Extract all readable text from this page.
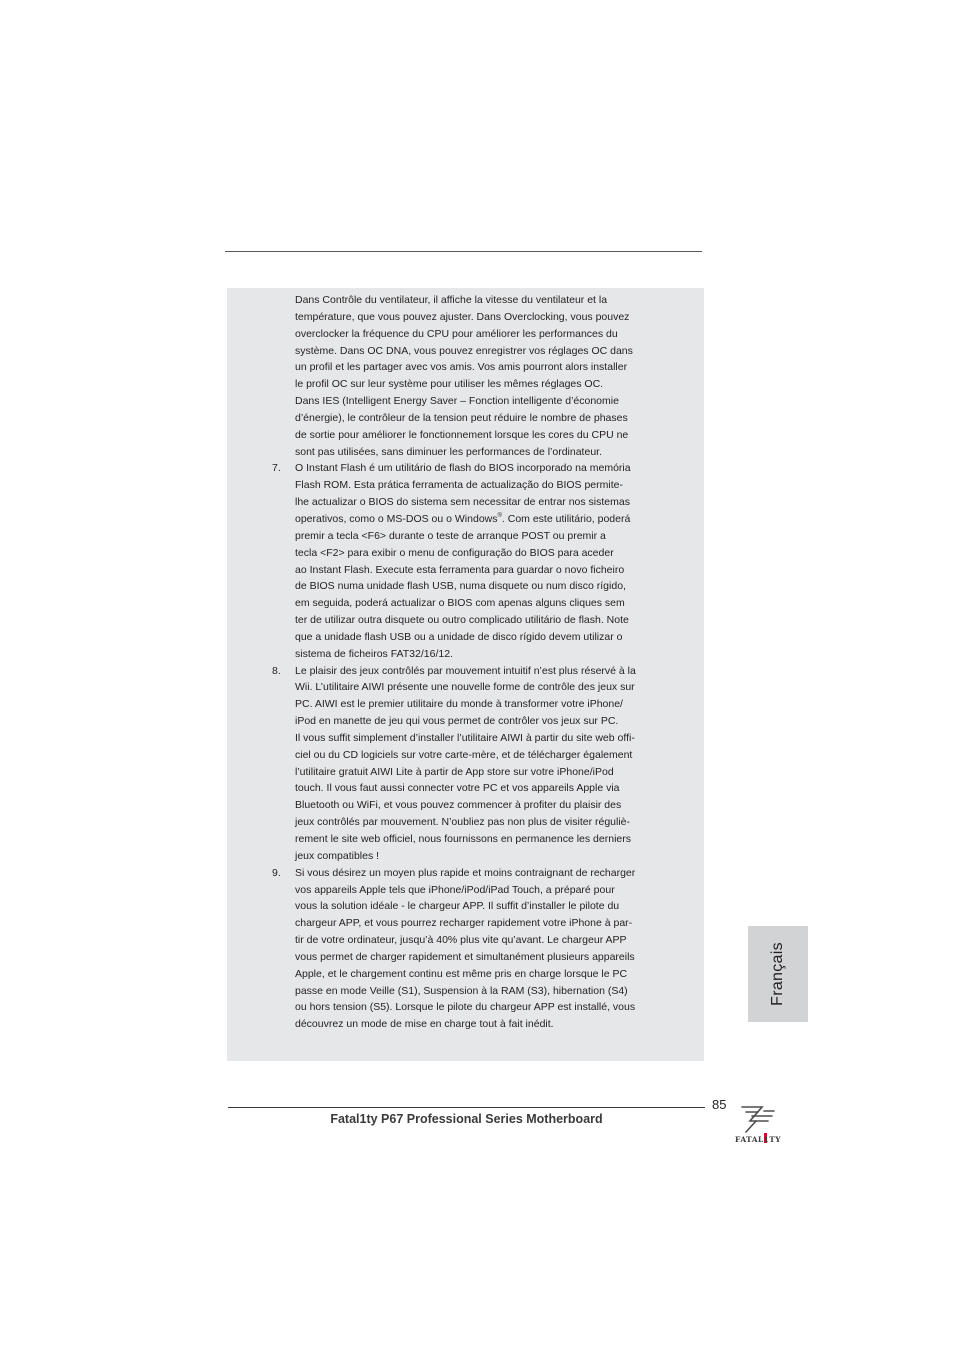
Dans Contrôle du ventilateur, il affiche la vitesse du ventilateur et la
température, que vous pouvez ajuster. Dans Overclocking, vous pouvez
overclocker la fréquence du CPU pour améliorer les performances du
système. Dans OC DNA, vous pouvez enregistrer vos réglages OC dans
un profil et les partager avec vos amis. Vos amis pourront alors installer
le profil OC sur leur système pour utiliser les mêmes réglages OC.
Dans IES (Intelligent Energy Saver – Fonction intelligente d’économie
d’énergie), le contrôleur de la tension peut réduire le nombre de phases
de sortie pour améliorer le fonctionnement lorsque les cores du CPU ne
sont pas utilisées, sans diminuer les performances de l’ordinateur.
7. O Instant Flash é um utilitário de flash do BIOS incorporado na memória
Flash ROM. Esta prática ferramenta de actualização do BIOS permite-
lhe actualizar o BIOS do sistema sem necessitar de entrar nos sistemas
operativos, como o MS-DOS ou o Windows®. Com este utilitário, poderá
premir a tecla <F6> durante o teste de arranque POST ou premir a
tecla <F2> para exibir o menu de configuração do BIOS para aceder
ao Instant Flash. Execute esta ferramenta para guardar o novo ficheiro
de BIOS numa unidade flash USB, numa disquete ou num disco rígido,
em seguida, poderá actualizar o BIOS com apenas alguns cliques sem
ter de utilizar outra disquete ou outro complicado utilitário de flash. Note
que a unidade flash USB ou a unidade de disco rígido devem utilizar o
sistema de ficheiros FAT32/16/12.
8. Le plaisir des jeux contrôlés par mouvement intuitif n’est plus réservé à la
Wii. L’utilitaire AIWI présente une nouvelle forme de contrôle des jeux sur
PC. AIWI est le premier utilitaire du monde à transformer votre iPhone/
iPod en manette de jeu qui vous permet de contrôler vos jeux sur PC.
Il vous suffit simplement d’installer l’utilitaire AIWI à partir du site web offi-
ciel ou du CD logiciels sur votre carte-mère, et de télécharger également
l’utilitaire gratuit AIWI Lite à partir de App store sur votre iPhone/iPod
touch. Il vous faut aussi connecter votre PC et vos appareils Apple via
Bluetooth ou WiFi, et vous pouvez commencer à profiter du plaisir des
jeux contrôlés par mouvement. N’oubliez pas non plus de visiter réguliè-
rement le site web officiel, nous fournissons en permanence les derniers
jeux compatibles !
9. Si vous désirez un moyen plus rapide et moins contraignant de recharger
vos appareils Apple tels que iPhone/iPod/iPad Touch, a préparé pour
vous la solution idéale - le chargeur APP. Il suffit d’installer le pilote du
chargeur APP, et vous pourrez recharger rapidement votre iPhone à par-
tir de votre ordinateur, jusqu’à 40% plus vite qu’avant. Le chargeur APP
vous permet de charger rapidement et simultanément plusieurs appareils
Apple, et le chargement continu est même pris en charge lorsque le PC
passe en mode Veille (S1), Suspension à la RAM (S3), hibernation (S4)
ou hors tension (S5). Lorsque le pilote du chargeur APP est installé, vous
découvrez un mode de mise en charge tout à fait inédit.
Français
85
Fatal1ty P67 Professional Series Motherboard
FATAL1TY
